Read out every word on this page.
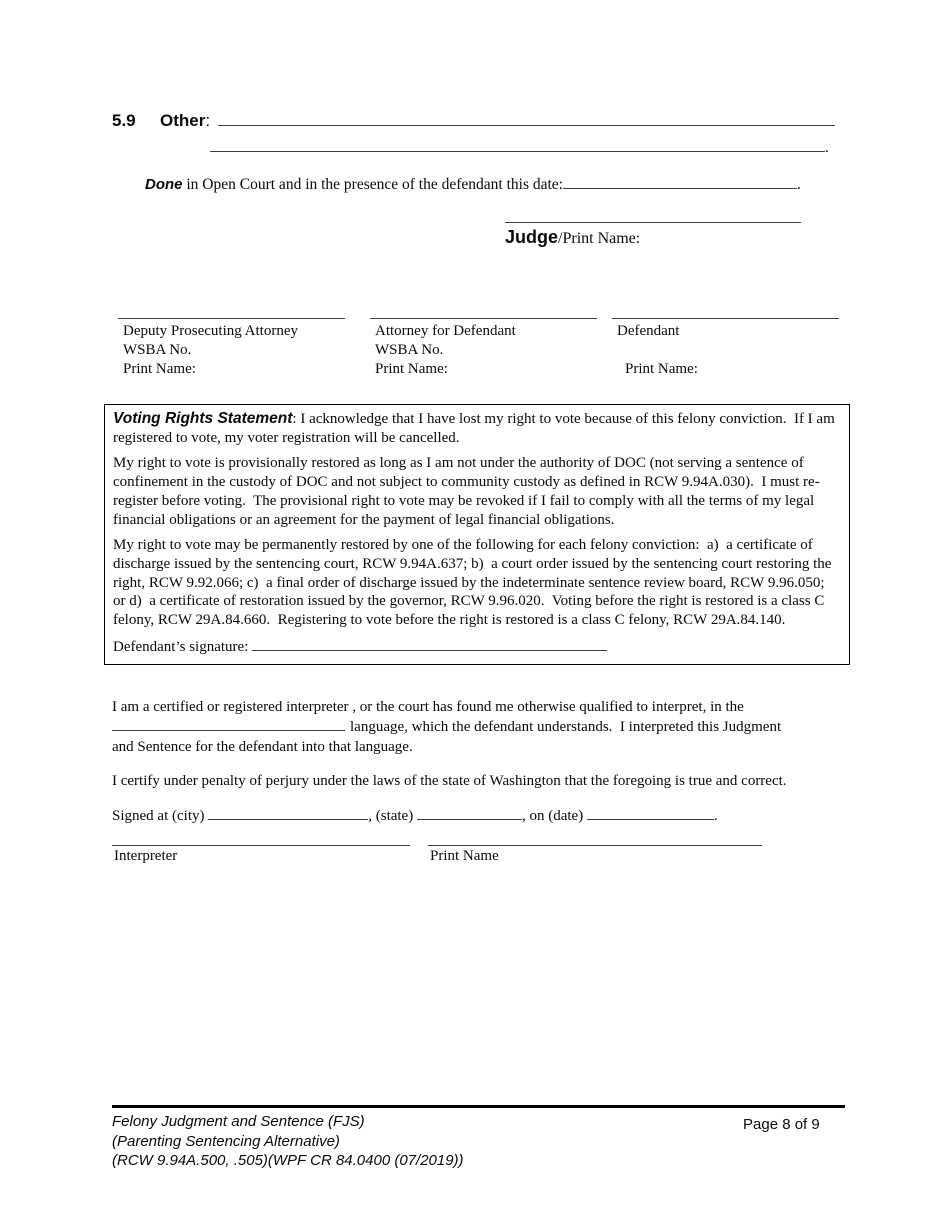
5.9	Other :
.
Done in Open Court and in the presence of the defendant this date:	.
Judge/Print Name:
Deputy Prosecuting Attorney
WSBA No.
Print Name:
Attorney for Defendant
WSBA No.
Print Name:
Defendant
Print Name:

Voting Rights Statement: I acknowledge that I have lost my right to vote because of this felony conviction.  If I am registered to vote, my voter registration will be cancelled.

My right to vote is provisionally restored as long as I am not under the authority of DOC (not serving a sentence of confinement in the custody of DOC and not subject to community custody as defined in RCW 9.94A.030).  I must re-register before voting.  The provisional right to vote may be revoked if I fail to comply with all the terms of my legal financial obligations or an agreement for the payment of legal financial obligations.

My right to vote may be permanently restored by one of the following for each felony conviction:  a)  a certificate of discharge issued by the sentencing court, RCW 9.94A.637; b)  a court order issued by the sentencing court restoring the right, RCW 9.92.066; c)  a final order of discharge issued by the indeterminate sentence review board, RCW 9.96.050; or d)  a certificate of restoration issued by the governor, RCW 9.96.020.  Voting before the right is restored is a class C felony, RCW 29A.84.660.  Registering to vote before the right is restored is a class C felony, RCW 29A.84.140.

Defendant’s signature:

I am a certified or registered interpreter , or the court has found me otherwise qualified to interpret, in the
language, which the defendant understands.  I interpreted this Judgment
and Sentence for the defendant into that language.
I certify under penalty of perjury under the laws of the state of Washington that the foregoing is true and correct.
Signed at (city)	, (state)	, on (date)	.
Interpreter	Print Name
Felony Judgment and Sentence (FJS)
(Parenting Sentencing Alternative)
(RCW 9.94A.500, .505)(WPF CR 84.0400 (07/2019))
Page 8 of 9
